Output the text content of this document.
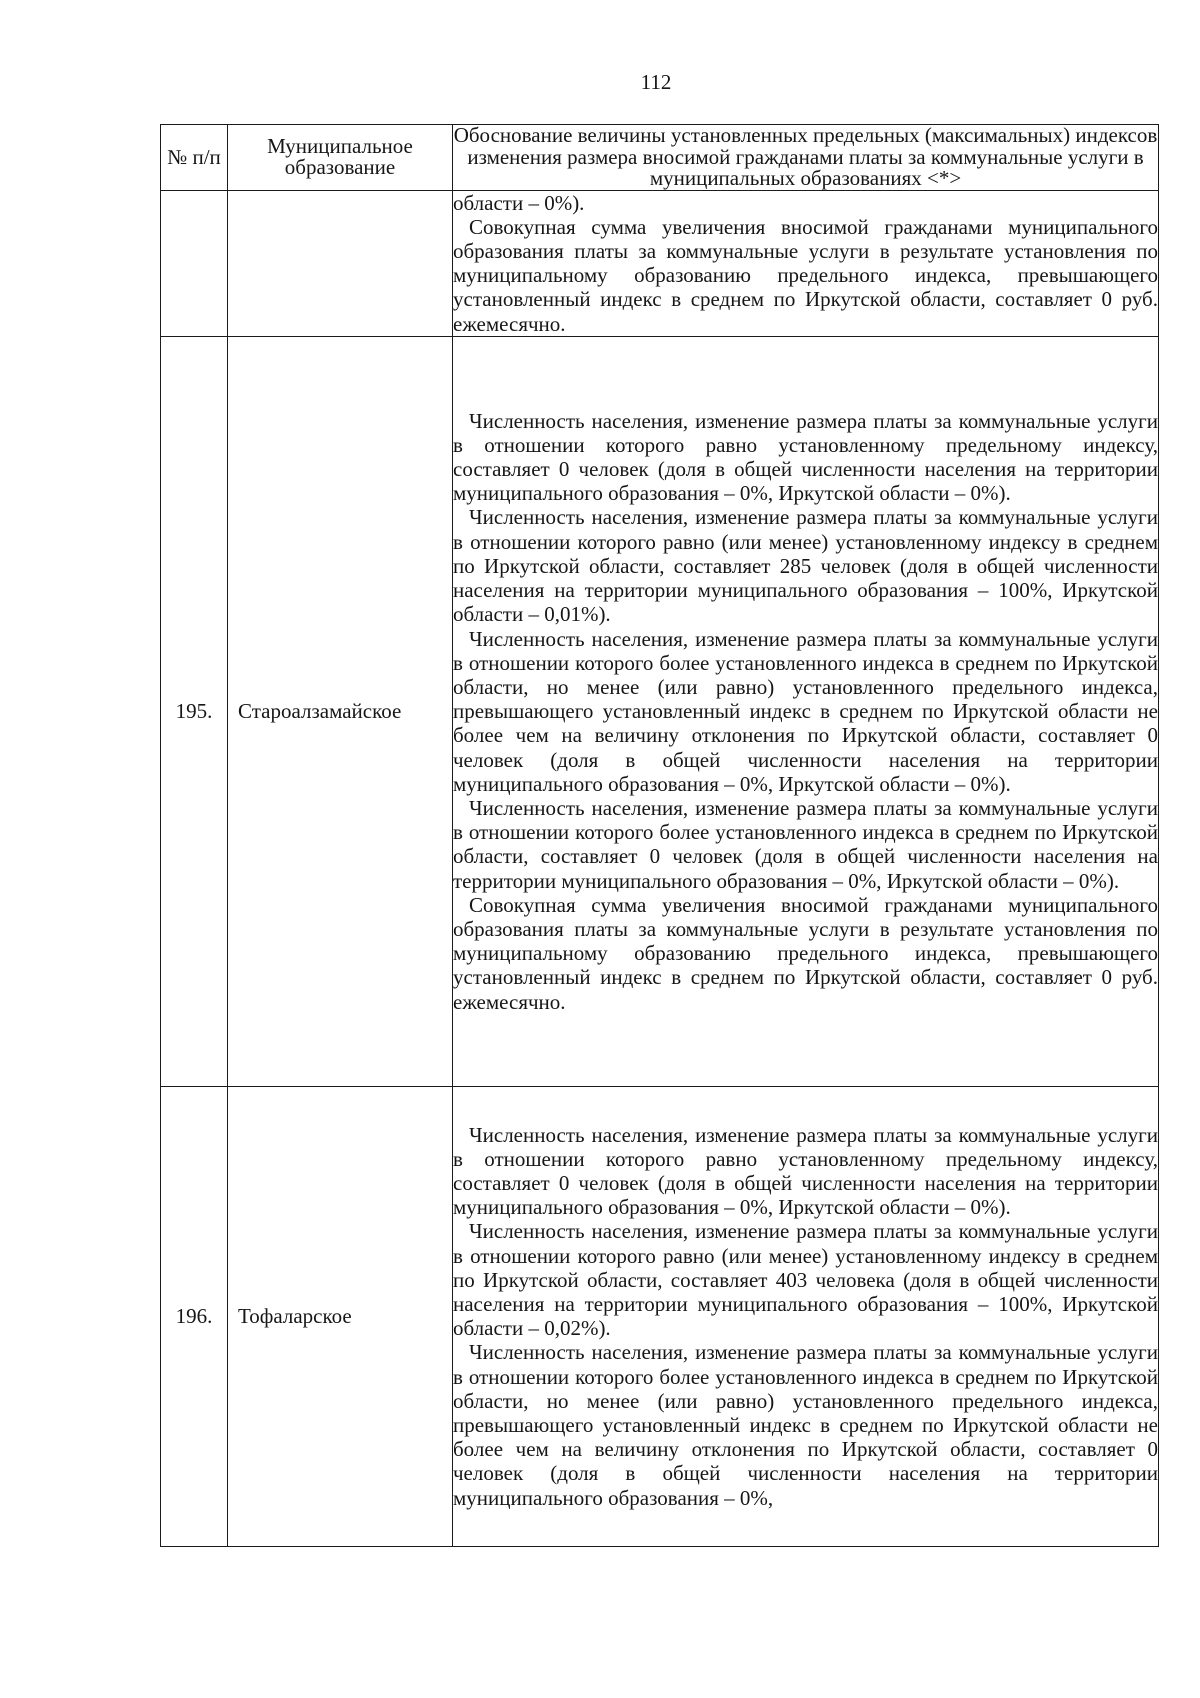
112
№ п/п	Муниципальное образование	Обоснование величины установленных предельных (максимальных) индексов изменения размера вносимой гражданами платы за коммунальные услуги в муниципальных образованиях <*>

		области – 0%).

Совокупная сумма увеличения вносимой гражданами муниципального образования платы за коммунальные услуги в результате установления по муниципальному образованию предельного индекса, превышающего установленный индекс в среднем по Иркутской области, составляет 0 руб. ежемесячно.

195.	Староалзамайское	Численность населения, изменение размера платы за коммунальные услуги в отношении которого равно установленному предельному индексу, составляет 0 человек (доля в общей численности населения на территории муниципального образования – 0%, Иркутской области – 0%).

Численность населения, изменение размера платы за коммунальные услуги в отношении которого равно (или менее) установленному индексу в среднем по Иркутской области, составляет 285 человек (доля в общей численности населения на территории муниципального образования – 100%, Иркутской области – 0,01%).

Численность населения, изменение размера платы за коммунальные услуги в отношении которого более установленного индекса в среднем по Иркутской области, но менее (или равно) установленного предельного индекса, превышающего установленный индекс в среднем по Иркутской области не более чем на величину отклонения по Иркутской области, составляет 0 человек (доля в общей численности населения на территории муниципального образования – 0%, Иркутской области – 0%).

Численность населения, изменение размера платы за коммунальные услуги в отношении которого более установленного индекса в среднем по Иркутской области, составляет 0 человек (доля в общей численности населения на территории муниципального образования – 0%, Иркутской области – 0%).

Совокупная сумма увеличения вносимой гражданами муниципального образования платы за коммунальные услуги в результате установления по муниципальному образованию предельного индекса, превышающего установленный индекс в среднем по Иркутской области, составляет 0 руб. ежемесячно.

196.	Тофаларское	Численность населения, изменение размера платы за коммунальные услуги в отношении которого равно установленному предельному индексу, составляет 0 человек (доля в общей численности населения на территории муниципального образования – 0%, Иркутской области – 0%).

Численность населения, изменение размера платы за коммунальные услуги в отношении которого равно (или менее) установленному индексу в среднем по Иркутской области, составляет 403 человека (доля в общей численности населения на территории муниципального образования – 100%, Иркутской области – 0,02%).

Численность населения, изменение размера платы за коммунальные услуги в отношении которого более установленного индекса в среднем по Иркутской области, но менее (или равно) установленного предельного индекса, превышающего установленный индекс в среднем по Иркутской области не более чем на величину отклонения по Иркутской области, составляет 0 человек (доля в общей численности населения на территории муниципального образования – 0%,
